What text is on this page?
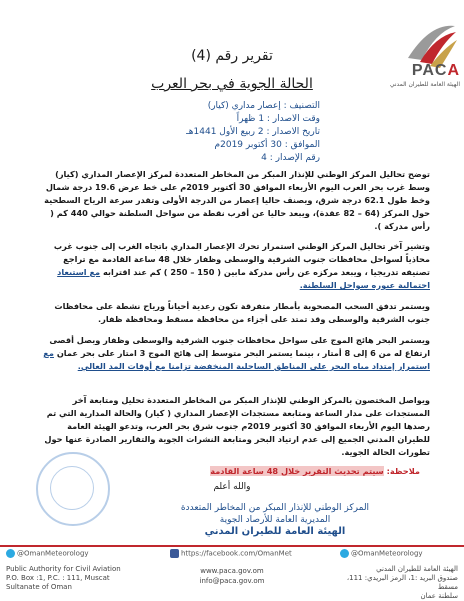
PACA
الهيئة العامة للطيران المدني
تقرير رقم (4)
الحالة الجوية في بحر العرب
التصنيف : إعصار مداري (كيار)
وقت الاصدار : 1 ظهراً
تاريخ الاصدار : 2 ربيع الأول 1441هـ
الموافق : 30 أكتوبر 2019م
رقم الإصدار : 4
توضح تحاليل المركز الوطني للإنذار المبكر من المخاطر المتعددة لمركز الإعصار المداري (كيار) وسط غرب بحر العرب اليوم الأربعاء الموافق 30 أكتوبر 2019م على خط عرض 19.6 درجة شمال وخط طول 62.1 درجة شرق، ويصنف حاليا إعصار من الدرجة الأولى وتقدر سرعة الرياح السطحية حول المركز (64 – 82 عقدة)، ويبعد حاليا عن أقرب نقطة من سواحل السلطنة حوالي 440 كم ( رأس مدركة ).
وتشير آخر تحاليل المركز الوطني استمرار تحرك الإعصار المداري باتجاه الغرب إلى جنوب غرب محاذياً لسواحل محافظات جنوب الشرقية والوسطى وظفار خلال 48 ساعة القادمة مع تراجع تصنيفه تدريجيا ، ويبعد مركزه عن رأس مدركة مابين ( 150 – 250 ) كم عند اقترابه مع استبعاد احتمالية عبوره سواحل السلطنة.
ويستمر تدفق السحب المصحوبة بأمطار متفرقة تكون رعدية أحياناً ورياح نشطة على محافظات جنوب الشرقية والوسطى وقد تمتد على أجزاء من محافظة مسقط ومحافظة ظفار.
ويستمر البحر هائج الموج على سواحل محافظات جنوب الشرقية والوسطى وظفار ويصل أقصى ارتفاع له من 6 إلى 8 أمتار ، بينما يستمر البحر متوسط إلى هائج الموج 3 امتار على بحر عمان مع استمرار إمتداد مياه البحر على المناطق الساحلية المنخفضة تزامنا مع أوقات المد العالي.
ويواصل المختصون بالمركز الوطني للإنذار المبكر من المخاطر المتعددة تحليل ومتابعة آخر المستجدات على مدار الساعة ومتابعة مستجدات الإعصار المداري ( كيار) والحالة المدارية التي تم رصدها اليوم الأربعاء الموافق 30 أكتوبر 2019م جنوب شرق بحر العرب، وتدعو الهيئة العامة للطيران المدني الجميع إلى عدم ارتياد البحر ومتابعة النشرات الجوية والتقارير الصادرة عنها حول تطورات الحالة الجوية.
ملاحظة: سيتم تحديث التقرير خلال 48 ساعة القادمة
والله أعلم
المركز الوطني للإنذار المبكر من المخاطر المتعددة
المديرية العامة للأرصاد الجوية
الهيئة العامة للطيران المدني
@OmanMeteorology	https://facebook.com/OmanMet	@OmanMeteorology
Public Authority for Civil Aviation
P.O. Box :1, P.C. : 111, Muscat
Sultanate of Oman
www.paca.gov.om
info@paca.gov.om
الهيئة العامة للطيران المدني
صندوق البريد :1، الرمز البريدي: 111، مسقط
سلطنة عمان
